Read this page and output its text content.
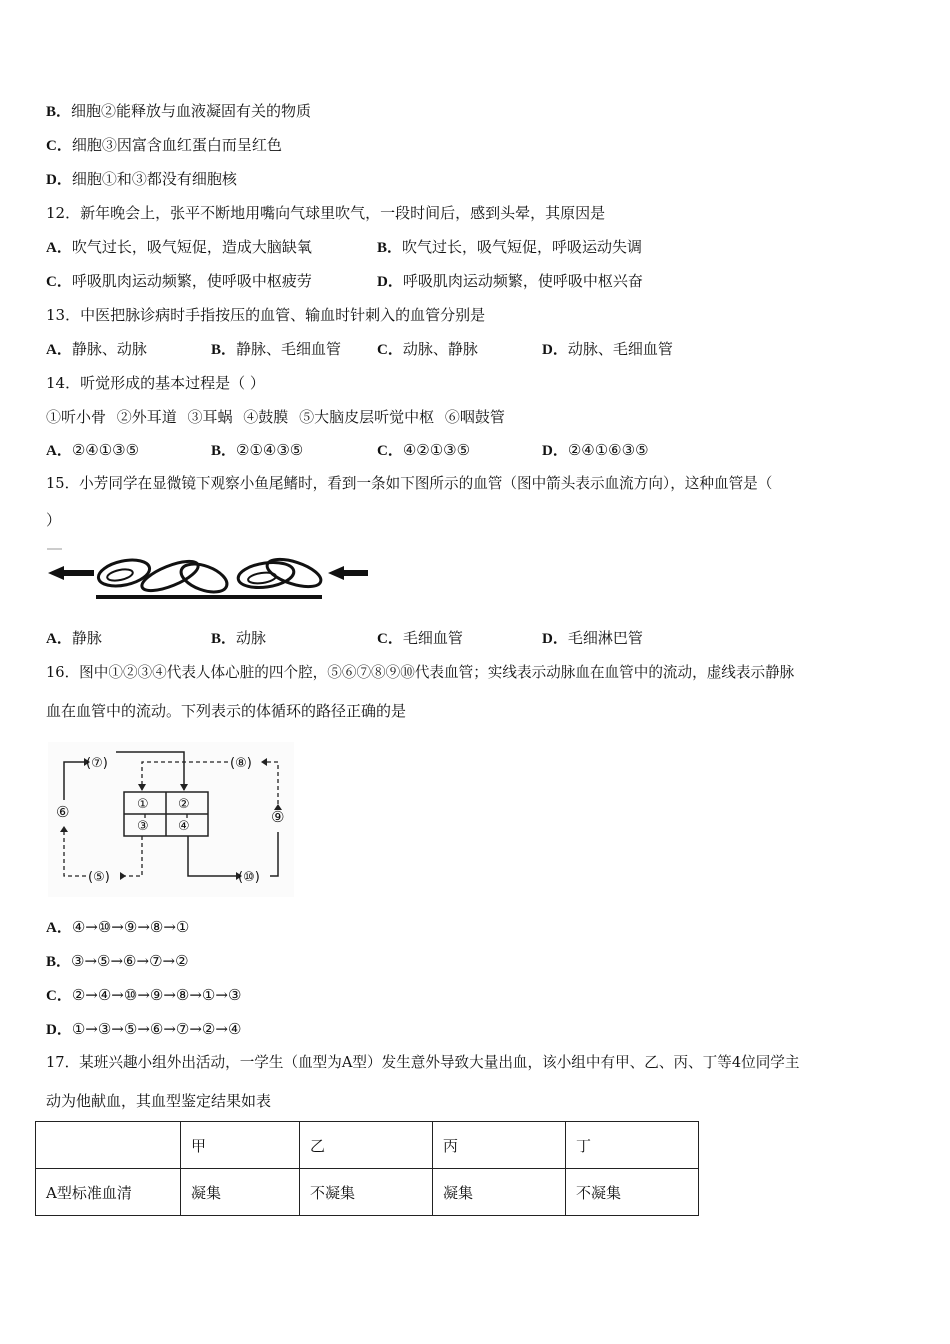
B．细胞②能释放与血液凝固有关的物质
C．细胞③因富含血红蛋白而呈红色
D．细胞①和③都没有细胞核
12．新年晚会上，张平不断地用嘴向气球里吹气，一段时间后，感到头晕，其原因是
A．吹气过长，吸气短促，造成大脑缺氧	B．吹气过长，吸气短促，呼吸运动失调
C．呼吸肌肉运动频繁，使呼吸中枢疲劳	D．呼吸肌肉运动频繁，使呼吸中枢兴奋
13．中医把脉诊病时手指按压的血管、输血时针刺入的血管分别是
A．静脉、动脉	B．静脉、毛细血管 C．动脉、静脉	D．动脉、毛细血管
14．听觉形成的基本过程是（ ）
①听小骨 ②外耳道 ③耳蜗 ④鼓膜 ⑤大脑皮层听觉中枢 ⑥咽鼓管
A．②④①③⑤	B．②①④③⑤	C．④②①③⑤	D．②④①⑥③⑤
15．小芳同学在显微镜下观察小鱼尾鳍时，看到一条如下图所示的血管（图中箭头表示血流方向），这种血管是（
）
A．静脉	B．动脉	C．毛细血管	D．毛细淋巴管
16．图中①②③④代表人体心脏的四个腔，⑤⑥⑦⑧⑨⑩代表血管；实线表示动脉血在血管中的流动，虚线表示静脉
血在血管中的流动。下列表示的体循环的路径正确的是
① ②
③ ④
(⑦)	(⑧)
⑥	⑨
(⑤)	(⑩)
A．④→⑩→⑨→⑧→①
B．③→⑤→⑥→⑦→②
C．②→④→⑩→⑨→⑧→①→③
D．①→③→⑤→⑥→⑦→②→④
17．某班兴趣小组外出活动，一学生（血型为A型）发生意外导致大量出血，该小组中有甲、乙、丙、丁等4位同学主
动为他献血，其血型鉴定结果如表
	甲	乙	丙	丁
A型标准血清	凝集	不凝集	凝集	不凝集
